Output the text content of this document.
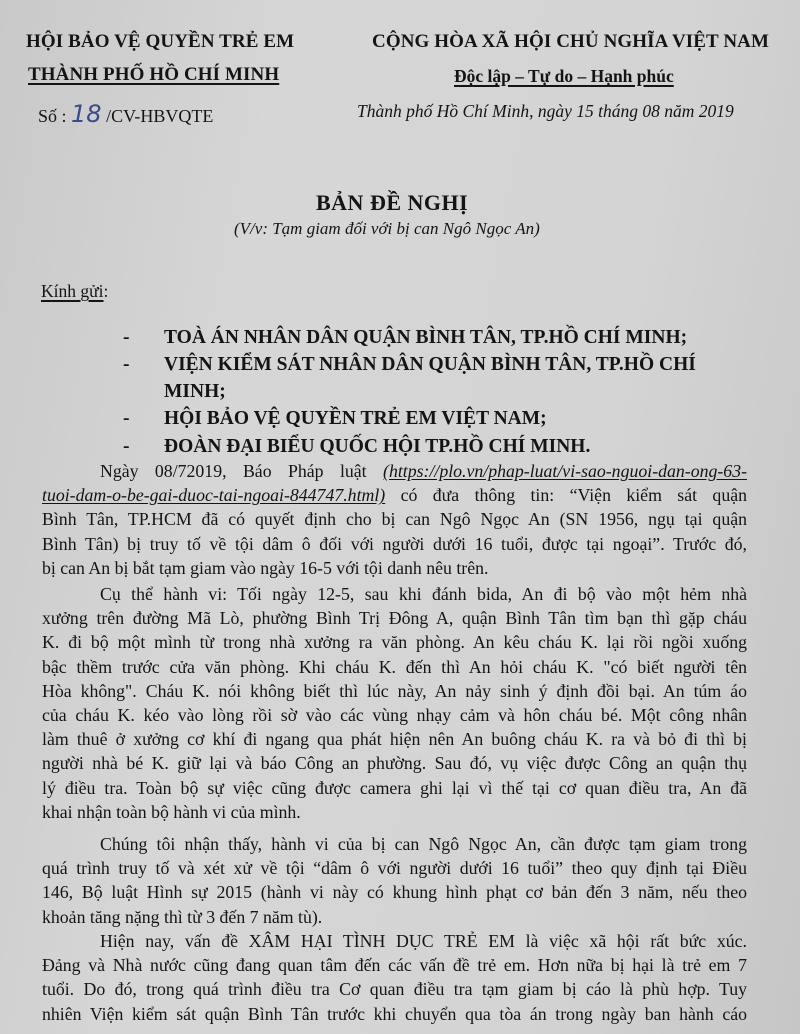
HỘI BẢO VỆ QUYỀN TRẺ EM
THÀNH PHỐ HỒ CHÍ MINH
Số : 18 /CV-HBVQTE
CỘNG HÒA XÃ HỘI CHỦ NGHĨA VIỆT NAM
Độc lập – Tự do – Hạnh phúc
Thành phố Hồ Chí Minh, ngày 15 tháng 08 năm 2019
BẢN ĐỀ NGHỊ
(V/v: Tạm giam đối với bị can Ngô Ngọc An)
Kính gửi:
- TOÀ ÁN NHÂN DÂN QUẬN BÌNH TÂN, TP.HỒ CHÍ MINH;
- VIỆN KIỂM SÁT NHÂN DÂN QUẬN BÌNH TÂN, TP.HỒ CHÍ
MINH;
- HỘI BẢO VỆ QUYỀN TRẺ EM VIỆT NAM;
- ĐOÀN ĐẠI BIỂU QUỐC HỘI TP.HỒ CHÍ MINH.
Ngày 08/72019, Báo Pháp luật (https://plo.vn/phap-luat/vi-sao-nguoi-dan-ong-63-
tuoi-dam-o-be-gai-duoc-tai-ngoai-844747.html) có đưa thông tin: “Viện kiểm sát quận
Bình Tân, TP.HCM đã có quyết định cho bị can Ngô Ngọc An (SN 1956, ngụ tại quận
Bình Tân) bị truy tố về tội dâm ô đối với người dưới 16 tuổi, được tại ngoại”. Trước đó,
bị can An bị bắt tạm giam vào ngày 16-5 với tội danh nêu trên.
Cụ thể hành vi: Tối ngày 12-5, sau khi đánh bida, An đi bộ vào một hẻm nhà
xưởng trên đường Mã Lò, phường Bình Trị Đông A, quận Bình Tân tìm bạn thì gặp cháu
K. đi bộ một mình từ trong nhà xưởng ra văn phòng. An kêu cháu K. lại rồi ngồi xuống
bậc thềm trước cửa văn phòng. Khi cháu K. đến thì An hỏi cháu K. "có biết người tên
Hòa không". Cháu K. nói không biết thì lúc này, An nảy sinh ý định đồi bại. An túm áo
của cháu K. kéo vào lòng rồi sờ vào các vùng nhạy cảm và hôn cháu bé. Một công nhân
làm thuê ở xưởng cơ khí đi ngang qua phát hiện nên An buông cháu K. ra và bỏ đi thì bị
người nhà bé K. giữ lại và báo Công an phường. Sau đó, vụ việc được Công an quận thụ
lý điều tra. Toàn bộ sự việc cũng được camera ghi lại vì thế tại cơ quan điều tra, An đã
khai nhận toàn bộ hành vi của mình.
Chúng tôi nhận thấy, hành vi của bị can Ngô Ngọc An, cần được tạm giam trong
quá trình truy tố và xét xử về tội “dâm ô với người dưới 16 tuổi” theo quy định tại Điều
146, Bộ luật Hình sự 2015 (hành vi này có khung hình phạt cơ bản đến 3 năm, nếu theo
khoản tăng nặng thì từ 3 đến 7 năm tù).
Hiện nay, vấn đề XÂM HẠI TÌNH DỤC TRẺ EM là việc xã hội rất bức xúc.
Đảng và Nhà nước cũng đang quan tâm đến các vấn đề trẻ em. Hơn nữa bị hại là trẻ em 7
tuổi. Do đó, trong quá trình điều tra Cơ quan điều tra tạm giam bị cáo là phù hợp. Tuy
nhiên Viện kiểm sát quận Bình Tân trước khi chuyển qua tòa án trong ngày ban hành cáo
